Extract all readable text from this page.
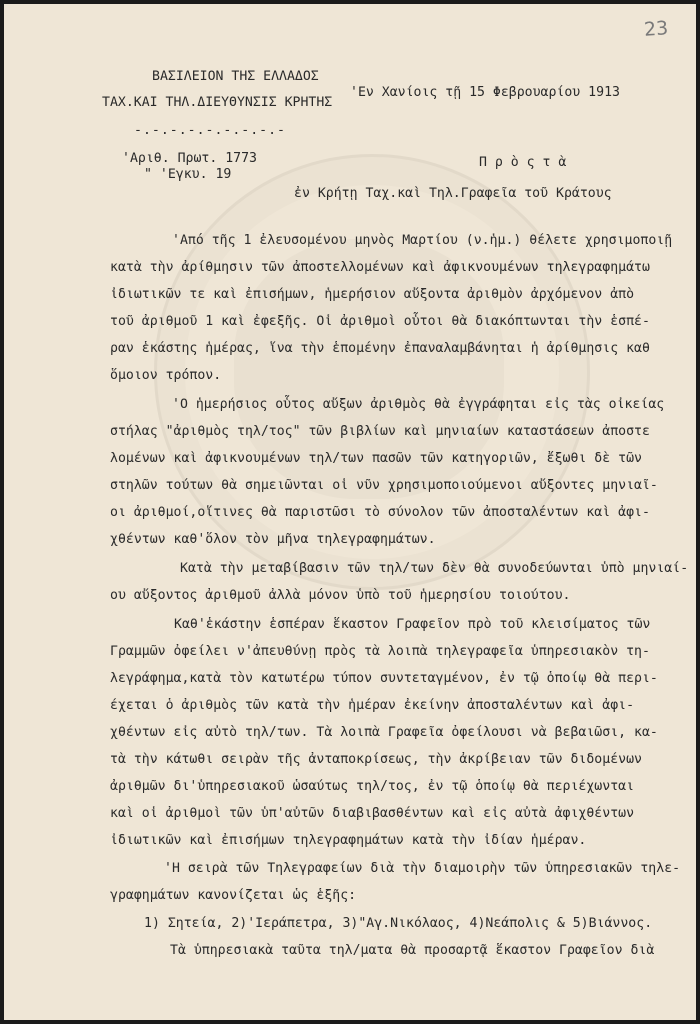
23
ΒΑΣΙΛΕΙΟΝ ΤΗΣ ΕΛΛΑΔΟΣ
ΤΑΧ.ΚΑΙ ΤΗΛ.ΔΙΕΥΘΥΝΣΙΣ ΚΡΗΤΗΣ
'Εν Χανίοις τῇ 15 Φεβρουαρίου 1913
-.-.-.-.-.-.-.-.-
'Αριθ. Πρωτ. 1773
" 'Εγκυ. 19
Π ρ ὸ ς τ ὰ
ἐν Κρήτῃ Ταχ.καὶ Τηλ.Γραφεῖα τοῦ Κράτους
'Από τῆς 1 ἐλευσομένου μηνὸς Μαρτίου (ν.ἡμ.) θέλετε χρησιμοποιῇ
κατὰ τὴν ἀρίθμησιν τῶν ἀποστελλομένων καὶ ἀφικνουμένων τηλεγραφημάτω
ἰδιωτικῶν τε καὶ ἐπισήμων, ἡμερήσιον αὔξοντα ἀριθμὸν ἀρχόμενον ἀπὸ
τοῦ ἀριθμοῦ 1 καὶ ἐφεξῆς. Οἱ ἀριθμοὶ οὗτοι θὰ διακόπτωνται τὴν ἑσπέ-
ραν ἑκάστης ἡμέρας, ἵνα τὴν ἑπομένην ἐπαναλαμβάνηται ἡ ἀρίθμησις καθ
ὅμοιον τρόπον.
'Ο ἡμερήσιος οὗτος αὔξων ἀριθμὸς θὰ ἐγγράφηται εἰς τὰς οἰκείας
στήλας "ἀριθμὸς τηλ/τος" τῶν βιβλίων καὶ μηνιαίων καταστάσεων ἀποστε
λομένων καὶ ἀφικνουμένων τηλ/των πασῶν τῶν κατηγοριῶν, ἔξωθι δὲ τῶν
στηλῶν τούτων θὰ σημειῶνται οἱ νῦν χρησιμοποιούμενοι αὔξοντες μηνιαῖ-
οι ἀριθμοί,οἵτινες θὰ παριστῶσι τὸ σύνολον τῶν ἀποσταλέντων καὶ ἀφι-
χθέντων καθ'ὅλον τὸν μῆνα τηλεγραφημάτων.
Κατὰ τὴν μεταβίβασιν τῶν τηλ/των δὲν θὰ συνοδεύωνται ὑπὸ μηνιαί-
ου αὔξοντος ἀριθμοῦ ἀλλὰ μόνον ὑπὸ τοῦ ἡμερησίου τοιούτου.
Καθ'ἑκάστην ἑσπέραν ἕκαστον Γραφεῖον πρὸ τοῦ κλεισίματος τῶν
Γραμμῶν ὀφείλει ν'ἀπευθύνῃ πρὸς τὰ λοιπὰ τηλεγραφεῖα ὑπηρεσιακὸν τη-
λεγράφημα,κατὰ τὸν κατωτέρω τύπον συντεταγμένον, ἐν τῷ ὁποίῳ θὰ περι-
έχεται ὁ ἀριθμὸς τῶν κατὰ τὴν ἡμέραν ἐκείνην ἀποσταλέντων καὶ ἀφι-
χθέντων εἰς αὐτὸ τηλ/των. Τὰ λοιπὰ Γραφεῖα ὀφείλουσι νὰ βεβαιῶσι, κα-
τὰ τὴν κάτωθι σειρὰν τῆς ἀνταποκρίσεως, τὴν ἀκρίβειαν τῶν διδομένων
ἀριθμῶν δι'ὑπηρεσιακοῦ ὡσαύτως τηλ/τος, ἐν τῷ ὁποίῳ θὰ περιέχωνται
καὶ οἱ ἀριθμοὶ τῶν ὑπ'αὐτῶν διαβιβασθέντων καὶ εἰς αὐτὰ ἀφιχθέντων
ἰδιωτικῶν καὶ ἐπισήμων τηλεγραφημάτων κατὰ τὴν ἰδίαν ἡμέραν.
'Η σειρὰ τῶν Τηλεγραφείων διὰ τὴν διαμοιρὴν τῶν ὑπηρεσιακῶν τηλε-
γραφημάτων κανονίζεται ὡς ἑξῆς:
1) Σητεία, 2)'Ιεράπετρα, 3)"Αγ.Νικόλαος, 4)Νεάπολις & 5)Βιάννος.
Τὰ ὑπηρεσιακὰ ταῦτα τηλ/ματα θὰ προσαρτᾷ ἕκαστον Γραφεῖον διὰ
